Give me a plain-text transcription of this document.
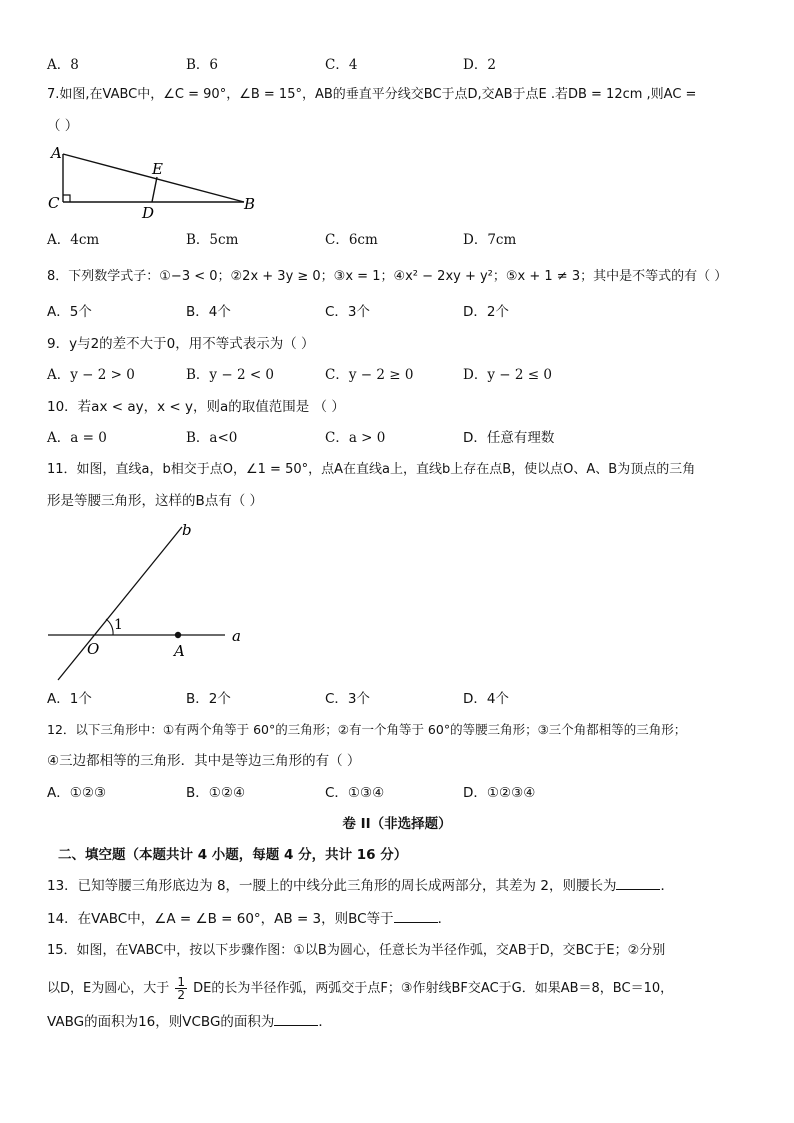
A．8	B．6	C．4	D．2
7.如图,在VABC中，∠C = 90°，∠B = 15°，AB的垂直平分线交BC于点D,交AB于点E .若DB = 12cm ,则AC =
（ ）
A
C
E
D	B
A．4cm	B．5cm	C．6cm	D．7cm
8．下列数学式子：①−3 < 0；②2x + 3y ≥ 0；③x = 1；④x² − 2xy + y²；⑤x + 1 ≠ 3；其中是不等式的有（ ）
A．5个	B．4个	C．3个	D．2个
9．y与2的差不大于0，用不等式表示为（ ）
A．y − 2 > 0	B．y − 2 < 0	C．y − 2 ≥ 0	D．y − 2 ≤ 0
10．若ax < ay，x < y，则a的取值范围是 （ ）
A．a = 0	B．a<0	C．a > 0	D．任意有理数
11．如图，直线a，b相交于点O，∠1 = 50°，点A在直线a上，直线b上存在点B，使以点O、A、B为顶点的三角
形是等腰三角形，这样的B点有（ ）
b
a
O	A
1
A．1个	B．2个	C．3个	D．4个
12．以下三角形中：①有两个角等于 60°的三角形；②有一个角等于 60°的等腰三角形；③三个角都相等的三角形；
④三边都相等的三角形．其中是等边三角形的有（ ）
A．①②③	B．①②④	C．①③④	D．①②③④
卷 II（非选择题）
二、填空题（本题共计 4 小题，每题 4 分，共计 16 分）
13．已知等腰三角形底边为 8，一腰上的中线分此三角形的周长成两部分，其差为 2，则腰长为	．
14．在VABC中，∠A = ∠B = 60°，AB = 3，则BC等于	．
15．如图，在VABC中，按以下步骤作图：①以B为圆心，任意长为半径作弧，交AB于D，交BC于E；②分别
以D，E为圆心，大于 $\frac{1}{2}$ DE的长为半径作弧，两弧交于点F；③作射线BF交AC于G．如果AB＝8，BC＝10，
VABG的面积为16，则VCBG的面积为	．
